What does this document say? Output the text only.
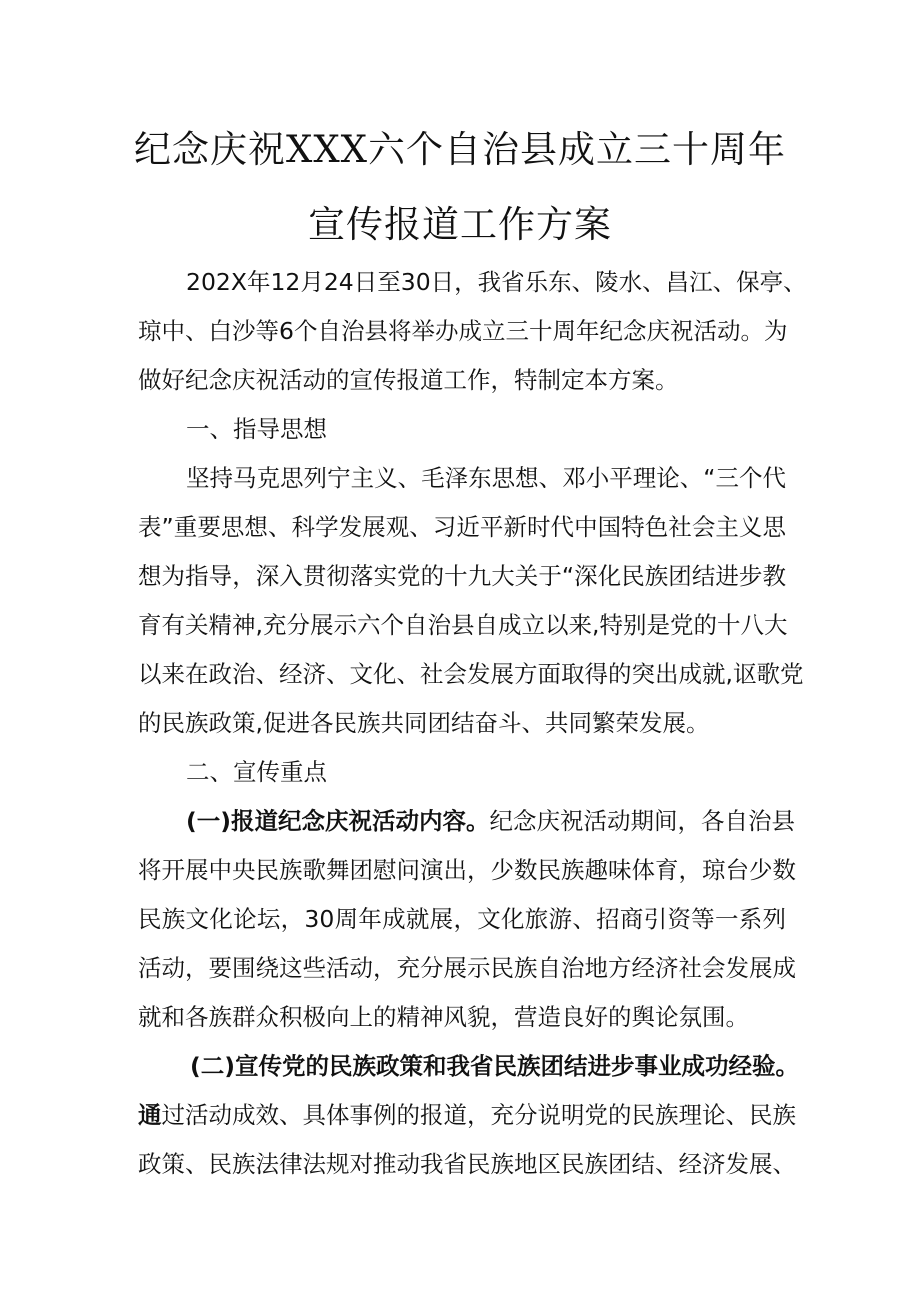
纪念庆祝XXX六个自治县成立三十周年
宣传报道工作方案
202X年12月24日至30日，我省乐东、陵水、昌江、保亭、
琼中、白沙等6个自治县将举办成立三十周年纪念庆祝活动。为
做好纪念庆祝活动的宣传报道工作，特制定本方案。
一、指导思想
坚持马克思列宁主义、毛泽东思想、邓小平理论、“三个代
表”重要思想、科学发展观、习近平新时代中国特色社会主义思
想为指导，深入贯彻落实党的十九大关于“深化民族团结进步教
育有关精神,充分展示六个自治县自成立以来,特别是党的十八大
以来在政治、经济、文化、社会发展方面取得的突出成就,讴歌党
的民族政策,促进各民族共同团结奋斗、共同繁荣发展。
二、宣传重点
(一)报道纪念庆祝活动内容。纪念庆祝活动期间，各自治县
将开展中央民族歌舞团慰问演出，少数民族趣味体育，琼台少数
民族文化论坛，30周年成就展，文化旅游、招商引资等一系列
活动，要围绕这些活动，充分展示民族自治地方经济社会发展成
就和各族群众积极向上的精神风貌，营造良好的舆论氛围。
(二)宣传党的民族政策和我省民族团结进步事业成功经验。
通过活动成效、具体事例的报道，充分说明党的民族理论、民族
政策、民族法律法规对推动我省民族地区民族团结、经济发展、
